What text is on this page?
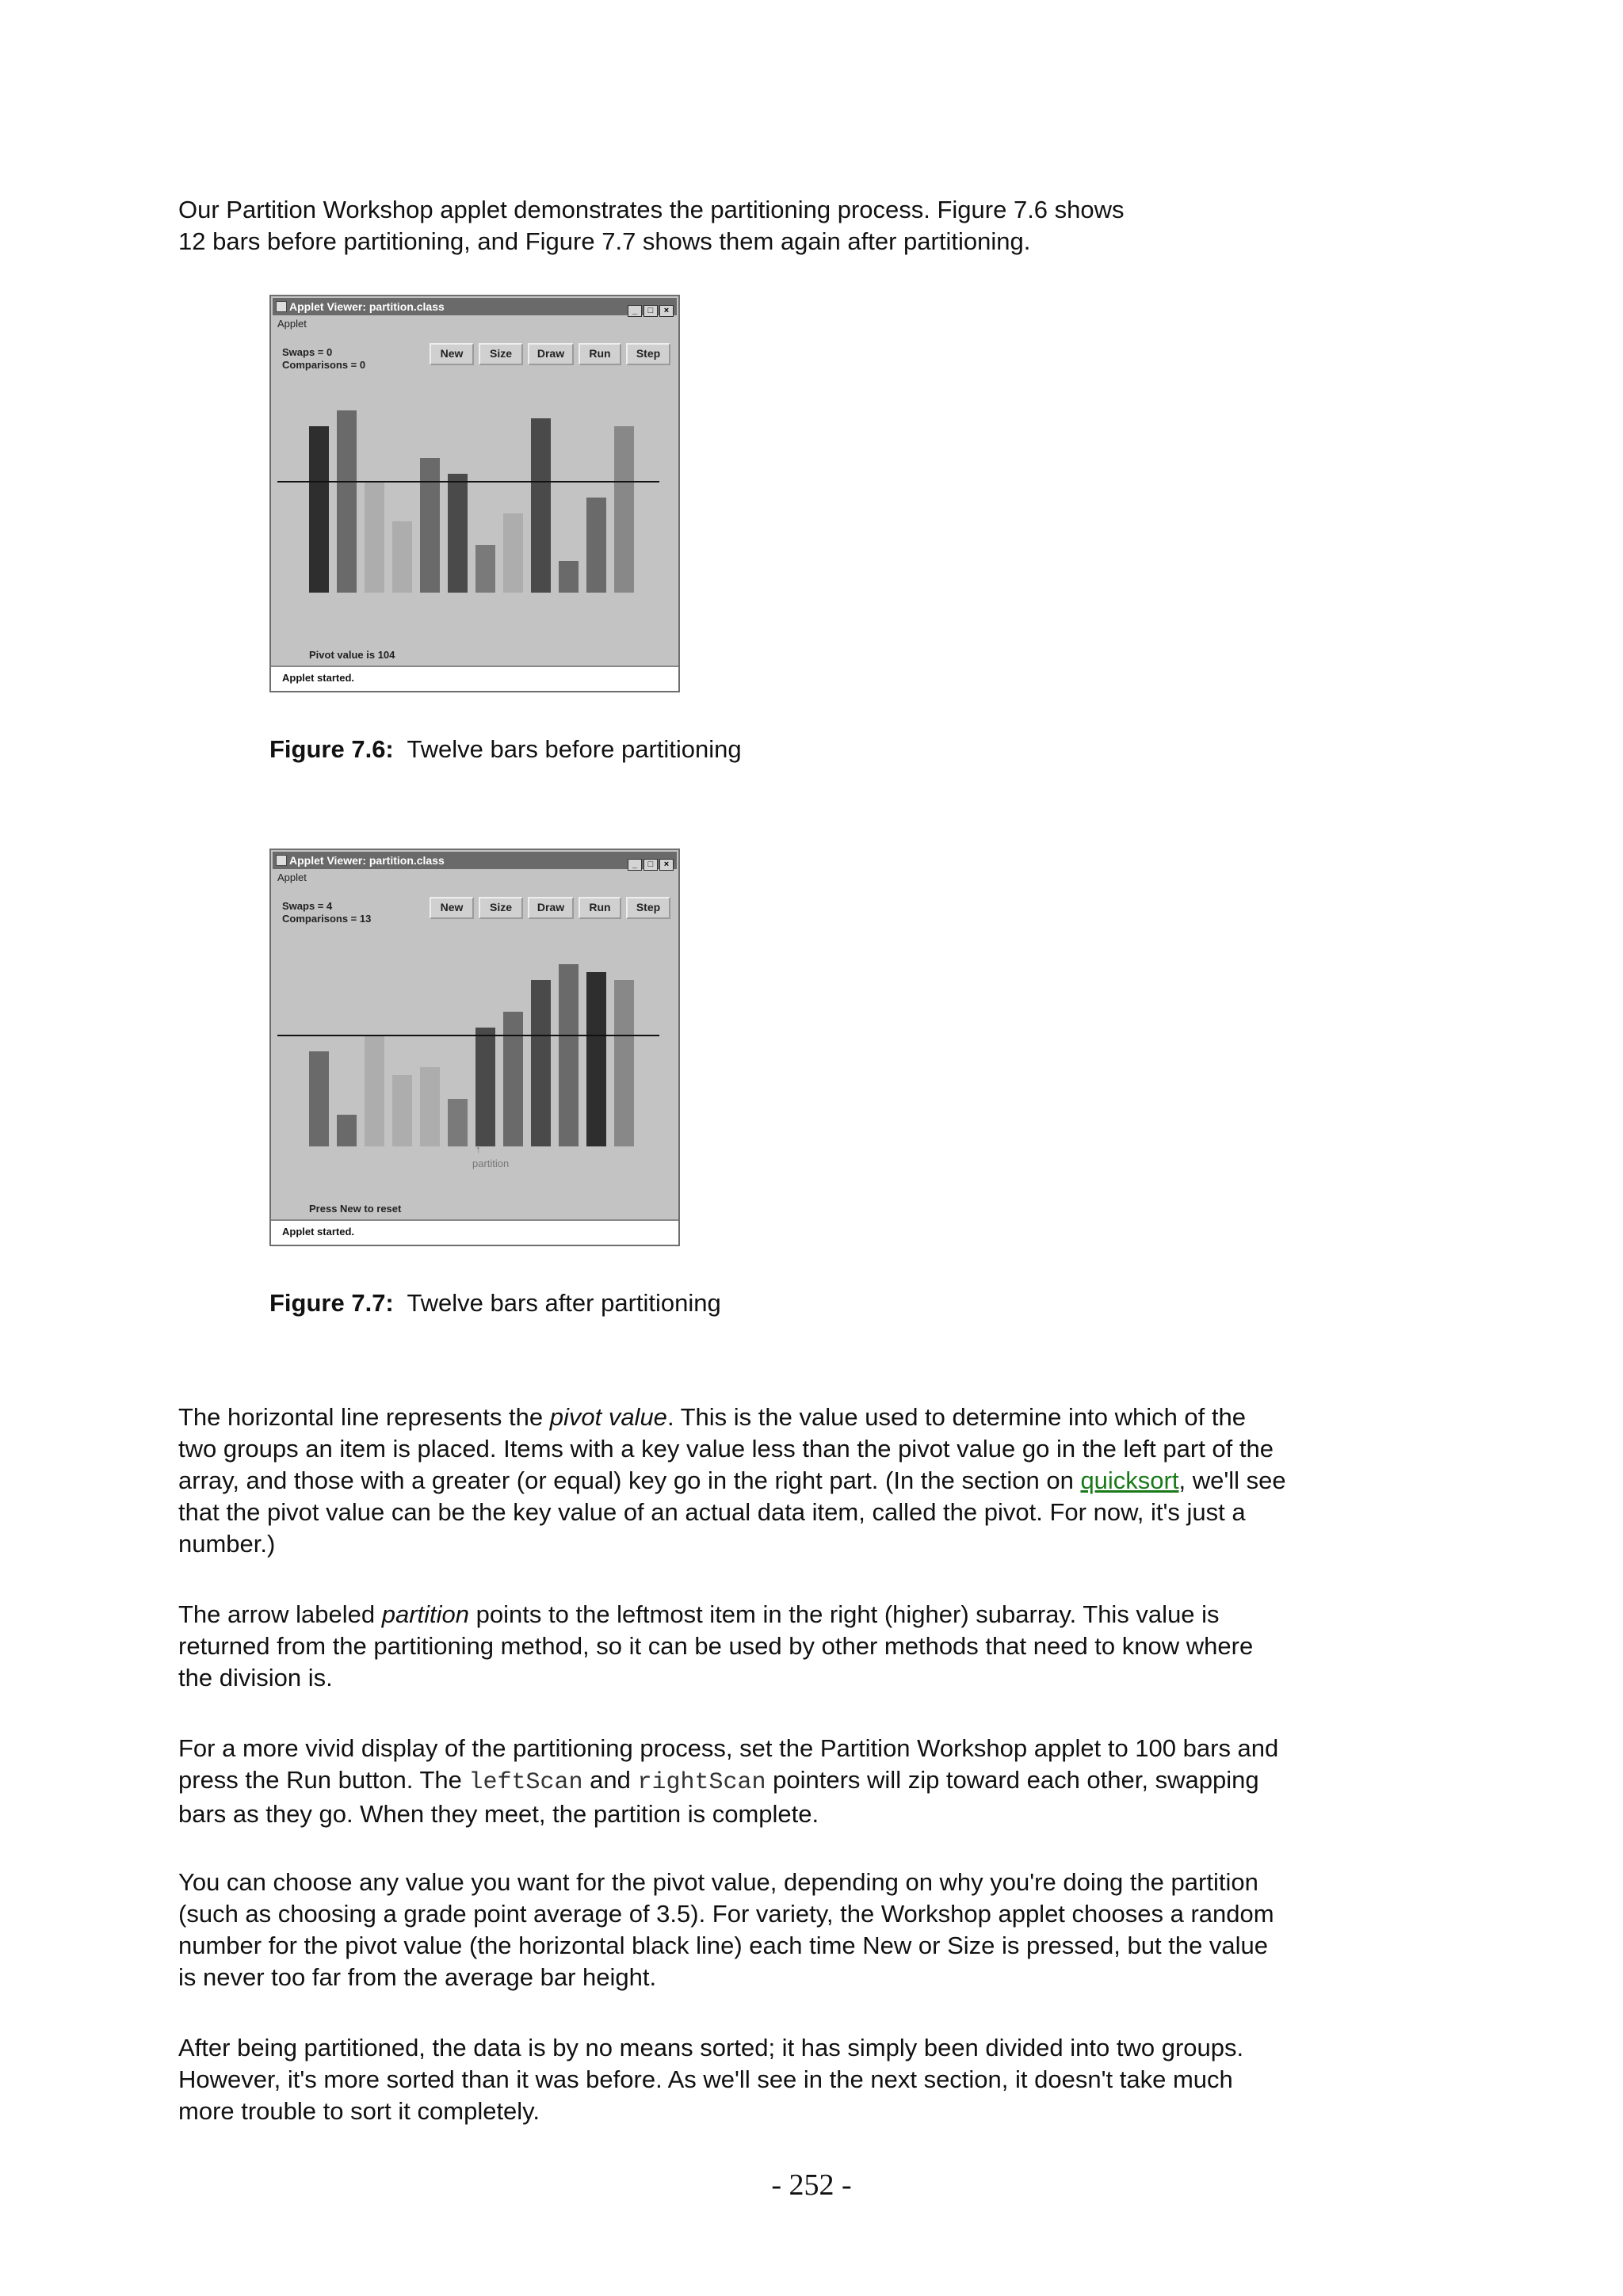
Our Partition Workshop applet demonstrates the partitioning process. Figure 7.6 shows

12 bars before partitioning, and Figure 7.7 shows them again after partitioning.

Applet Viewer: partition.class	_ □ ×
Applet
Swaps = 0
Comparisons = 0
New	Size	Draw	Run	Step
Pivot value is 104
Applet started.

Figure 7.6: Twelve bars before partitioning

Applet Viewer: partition.class	_ □ ×
Applet
Swaps = 4
Comparisons = 13
New	Size	Draw	Run	Step
↑
partition
Press New to reset
Applet started.

Figure 7.7: Twelve bars after partitioning

The horizontal line represents the pivot value. This is the value used to determine into which of the two groups an item is placed. Items with a key value less than the pivot value go in the left part of the array, and those with a greater (or equal) key go in the right part. (In the section on quicksort, we'll see that the pivot value can be the key value of an actual data item, called the pivot. For now, it's just a number.)

The arrow labeled partition points to the leftmost item in the right (higher) subarray. This value is returned from the partitioning method, so it can be used by other methods that need to know where the division is.

For a more vivid display of the partitioning process, set the Partition Workshop applet to 100 bars and press the Run button. The leftScan and rightScan pointers will zip toward each other, swapping bars as they go. When they meet, the partition is complete.

You can choose any value you want for the pivot value, depending on why you're doing the partition (such as choosing a grade point average of 3.5). For variety, the Workshop applet chooses a random number for the pivot value (the horizontal black line) each time New or Size is pressed, but the value is never too far from the average bar height.

After being partitioned, the data is by no means sorted; it has simply been divided into two groups. However, it's more sorted than it was before. As we'll see in the next section, it doesn't take much more trouble to sort it completely.

- 252 -
